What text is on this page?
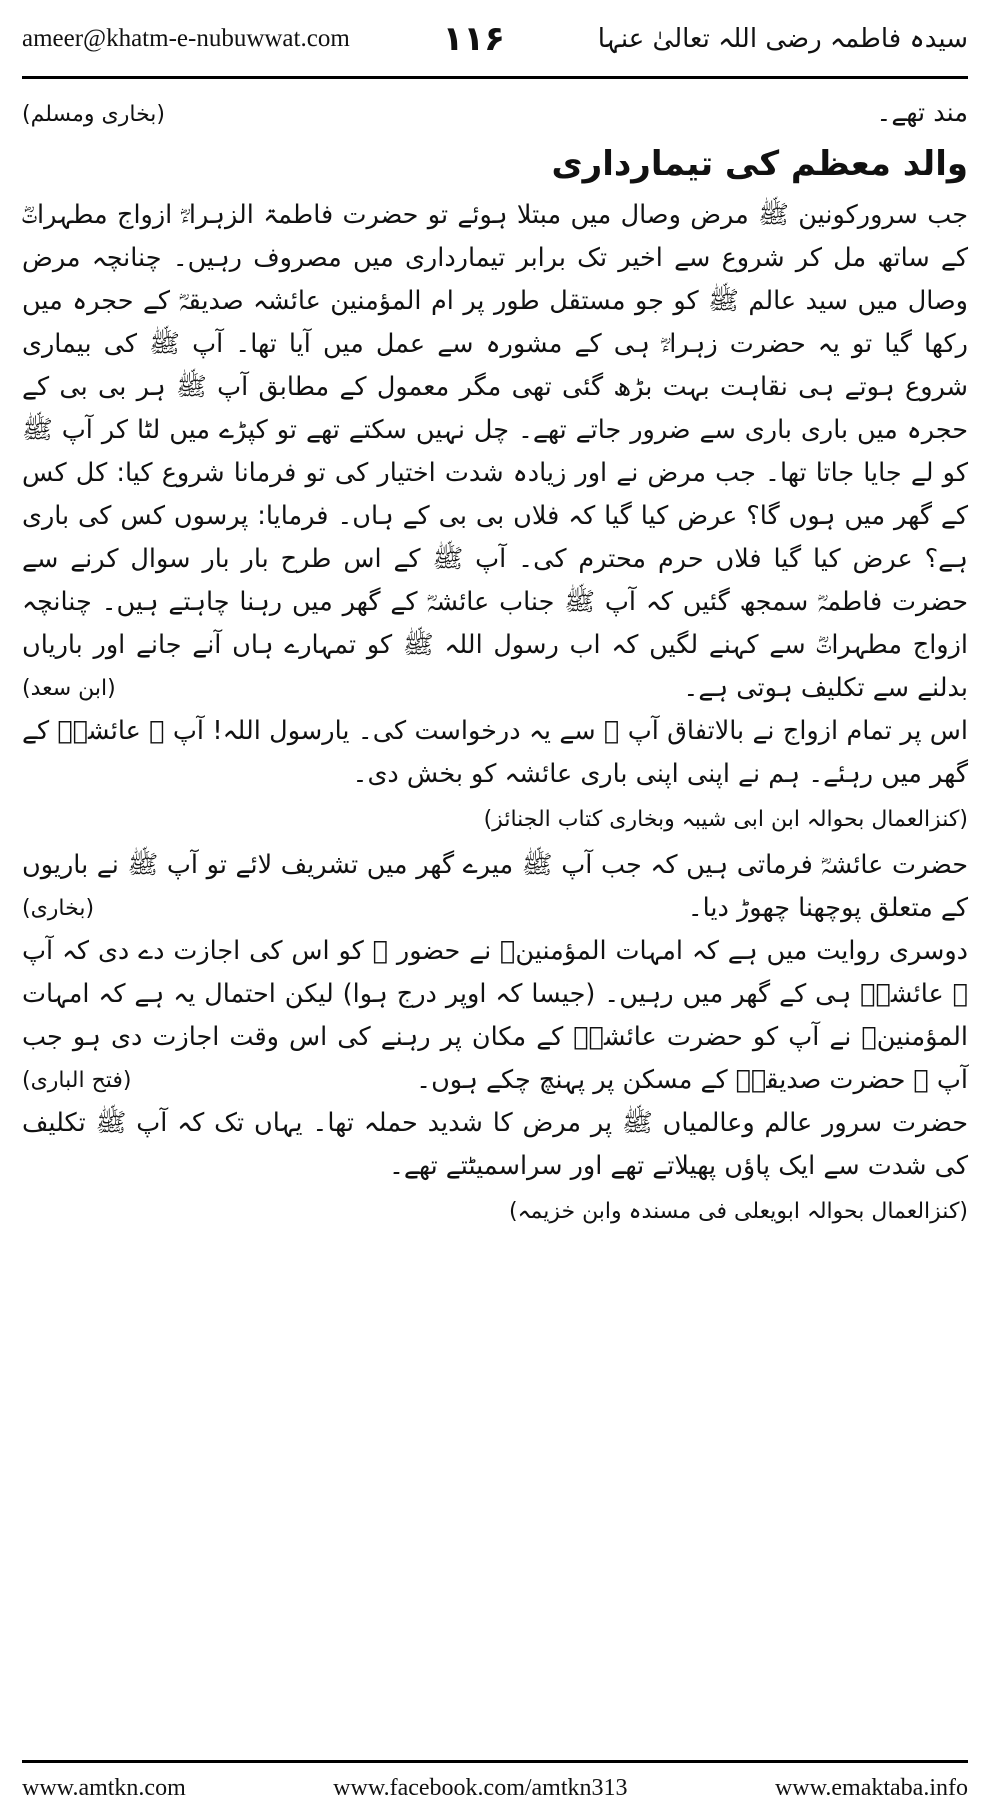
ameer@khatm-e-nubuwwat.com	۱۱۶	سیدہ فاطمہ رضی اللہ تعالیٰ عنہا
مند تھے۔
(بخاری ومسلم)
والد معظم کی تیمارداری

جب سرورکونین ﷺ مرض وصال میں مبتلا ہوئے تو حضرت فاطمۃ الزہراءؓ ازواج مطہراتؓ کے ساتھ مل کر شروع سے اخیر تک برابر تیمارداری میں مصروف رہیں۔ چنانچہ مرض وصال میں سید عالم ﷺ کو جو مستقل طور پر ام المؤمنین عائشہ صدیقہؓ کے حجرہ میں رکھا گیا تو یہ حضرت زہراءؓ ہی کے مشورہ سے عمل میں آیا تھا۔ آپ ﷺ کی بیماری شروع ہوتے ہی نقاہت بہت بڑھ گئی تھی مگر معمول کے مطابق آپ ﷺ ہر بی بی کے حجرہ میں باری باری سے ضرور جاتے تھے۔ چل نہیں سکتے تھے تو کپڑے میں لٹا کر آپ ﷺ کو لے جایا جاتا تھا۔ جب مرض نے اور زیادہ شدت اختیار کی تو فرمانا شروع کیا: کل کس کے گھر میں ہوں گا؟ عرض کیا گیا کہ فلاں بی بی کے ہاں۔ فرمایا: پرسوں کس کی باری ہے؟ عرض کیا گیا فلاں حرم محترم کی۔ آپ ﷺ کے اس طرح بار بار سوال کرنے سے حضرت فاطمہؓ سمجھ گئیں کہ آپ ﷺ جناب عائشہؓ کے گھر میں رہنا چاہتے ہیں۔ چنانچہ ازواج مطہراتؓ سے کہنے لگیں کہ اب رسول اللہ ﷺ کو تمہارے ہاں آنے جانے اور باریاں بدلنے سے تکلیف ہوتی ہے۔
(ابن سعد)

اس پر تمام ازواج نے بالاتفاق آپ ﷺ سے یہ درخواست کی۔ یارسول اللہ! آپ ﷺ عائشہؓ کے گھر میں رہئے۔ ہم نے اپنی اپنی باری عائشہ کو بخش دی۔

(کنزالعمال بحوالہ ابن ابی شیبہ وبخاری کتاب الجنائز)

حضرت عائشہؓ فرماتی ہیں کہ جب آپ ﷺ میرے گھر میں تشریف لائے تو آپ ﷺ نے باریوں کے متعلق پوچھنا چھوڑ دیا۔
(بخاری)

دوسری روایت میں ہے کہ امہات المؤمنینؓ نے حضور ﷺ کو اس کی اجازت دے دی کہ آپ ﷺ عائشہؓ ہی کے گھر میں رہیں۔ (جیسا کہ اوپر درج ہوا) لیکن احتمال یہ ہے کہ امہات المؤمنینؓ نے آپ کو حضرت عائشہؓ کے مکان پر رہنے کی اس وقت اجازت دی ہو جب آپ ﷺ حضرت صدیقہؓ کے مسکن پر پہنچ چکے ہوں۔
(فتح الباری)

حضرت سرور عالم وعالمیاں ﷺ پر مرض کا شدید حملہ تھا۔ یہاں تک کہ آپ ﷺ تکلیف کی شدت سے ایک پاؤں پھیلاتے تھے اور سراسمیٹتے تھے۔

(کنزالعمال بحوالہ ابویعلی فی مسندہ وابن خزیمہ)
www.amtkn.com	www.facebook.com/amtkn313	www.emaktaba.info
